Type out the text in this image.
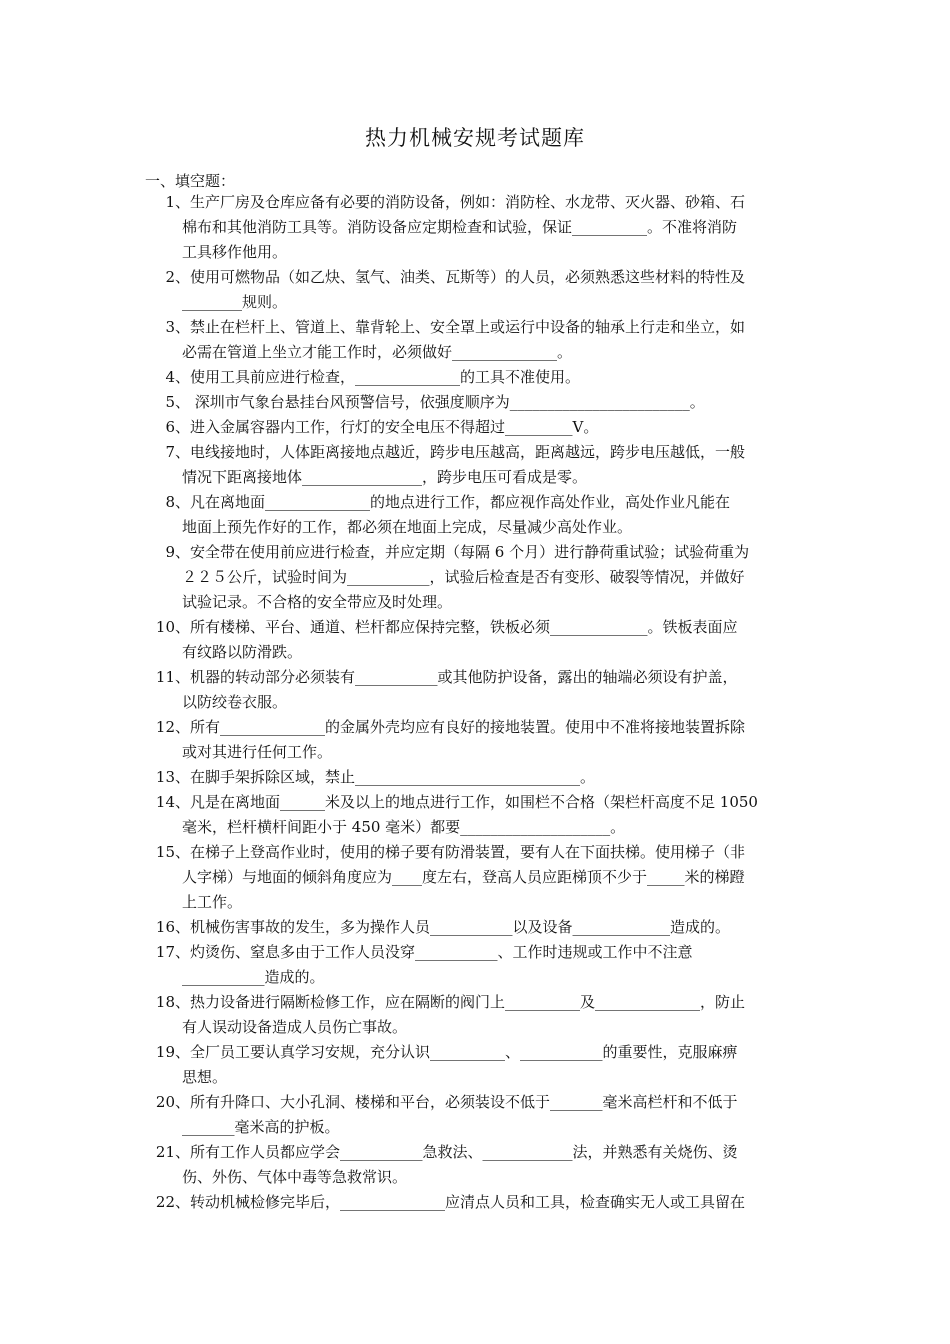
热力机械安规考试题库
一、填空题：
1、 生产厂房及仓库应备有必要的消防设备，例如：消防栓、水龙带、灭火器、砂箱、石
棉布和其他消防工具等。消防设备应定期检查和试验，保证__________。不准将消防
工具移作他用。
2、 使用可燃物品（如乙炔、氢气、油类、瓦斯等）的人员，必须熟悉这些材料的特性及
________规则。
3、 禁止在栏杆上、管道上、靠背轮上、安全罩上或运行中设备的轴承上行走和坐立，如
必需在管道上坐立才能工作时，必须做好______________。
4、 使用工具前应进行检查，______________的工具不准使用。
5、 深圳市气象台悬挂台风预警信号，依强度顺序为________________________。
6、 进入金属容器内工作，行灯的安全电压不得超过_________V。
7、 电线接地时，人体距离接地点越近，跨步电压越高，距离越远，跨步电压越低，一般
情况下距离接地体________________，跨步电压可看成是零。
8、 凡在离地面______________的地点进行工作，都应视作高处作业，高处作业凡能在
地面上预先作好的工作，都必须在地面上完成，尽量减少高处作业。
9、 安全带在使用前应进行检查，并应定期（每隔 6 个月）进行静荷重试验；试验荷重为
２２５公斤，试验时间为___________，试验后检查是否有变形、破裂等情况，并做好
试验记录。不合格的安全带应及时处理。
10、 所有楼梯、平台、通道、栏杆都应保持完整，铁板必须_____________。铁板表面应
有纹路以防滑跌。
11、 机器的转动部分必须装有___________或其他防护设备，露出的轴端必须设有护盖，
以防绞卷衣服。
12、 所有______________的金属外壳均应有良好的接地装置。使用中不准将接地装置拆除
或对其进行任何工作。
13、 在脚手架拆除区域，禁止______________________________。
14、 凡是在离地面______米及以上的地点进行工作，如围栏不合格（架栏杆高度不足 1050
毫米，栏杆横杆间距小于 450 毫米）都要____________________。
15、 在梯子上登高作业时，使用的梯子要有防滑装置，要有人在下面扶梯。使用梯子（非
人字梯）与地面的倾斜角度应为____度左右，登高人员应距梯顶不少于_____米的梯蹬
上工作。
16、 机械伤害事故的发生，多为操作人员___________以及设备_____________造成的。
17、 灼烫伤、窒息多由于工作人员没穿___________、工作时违规或工作中不注意
___________造成的。
18、 热力设备进行隔断检修工作，应在隔断的阀门上__________及______________，防止
有人误动设备造成人员伤亡事故。
19、 全厂员工要认真学习安规，充分认识__________、___________的重要性，克服麻痹
思想。
20、 所有升降口、大小孔洞、楼梯和平台，必须装设不低于_______毫米高栏杆和不低于
_______毫米高的护板。
21、 所有工作人员都应学会___________急救法、____________法，并熟悉有关烧伤、烫
伤、外伤、气体中毒等急救常识。
22、 转动机械检修完毕后，______________应清点人员和工具，检查确实无人或工具留在
